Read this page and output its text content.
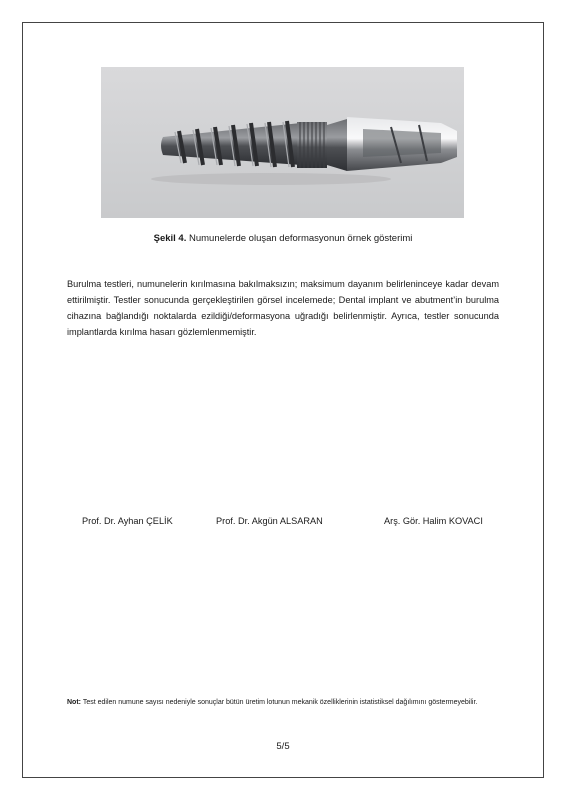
Şekil 4. Numunelerde oluşan deformasyonun örnek gösterimi
Burulma testleri, numunelerin kırılmasına bakılmaksızın; maksimum dayanım belirleninceye kadar devam ettirilmiştir. Testler sonucunda gerçekleştirilen görsel incelemede; Dental implant ve abutment’in burulma cihazına bağlandığı noktalarda ezildiği/deformasyona uğradığı belirlenmiştir. Ayrıca, testler sonucunda implantlarda kırılma hasarı gözlemlenmemiştir.
Prof. Dr. Ayhan ÇELİK	Prof. Dr. Akgün ALSARAN	Arş. Gör. Halim KOVACI
Not: Test edilen numune sayısı nedeniyle sonuçlar bütün üretim lotunun mekanik özelliklerinin istatistiksel dağılımını göstermeyebilir.
5/5
